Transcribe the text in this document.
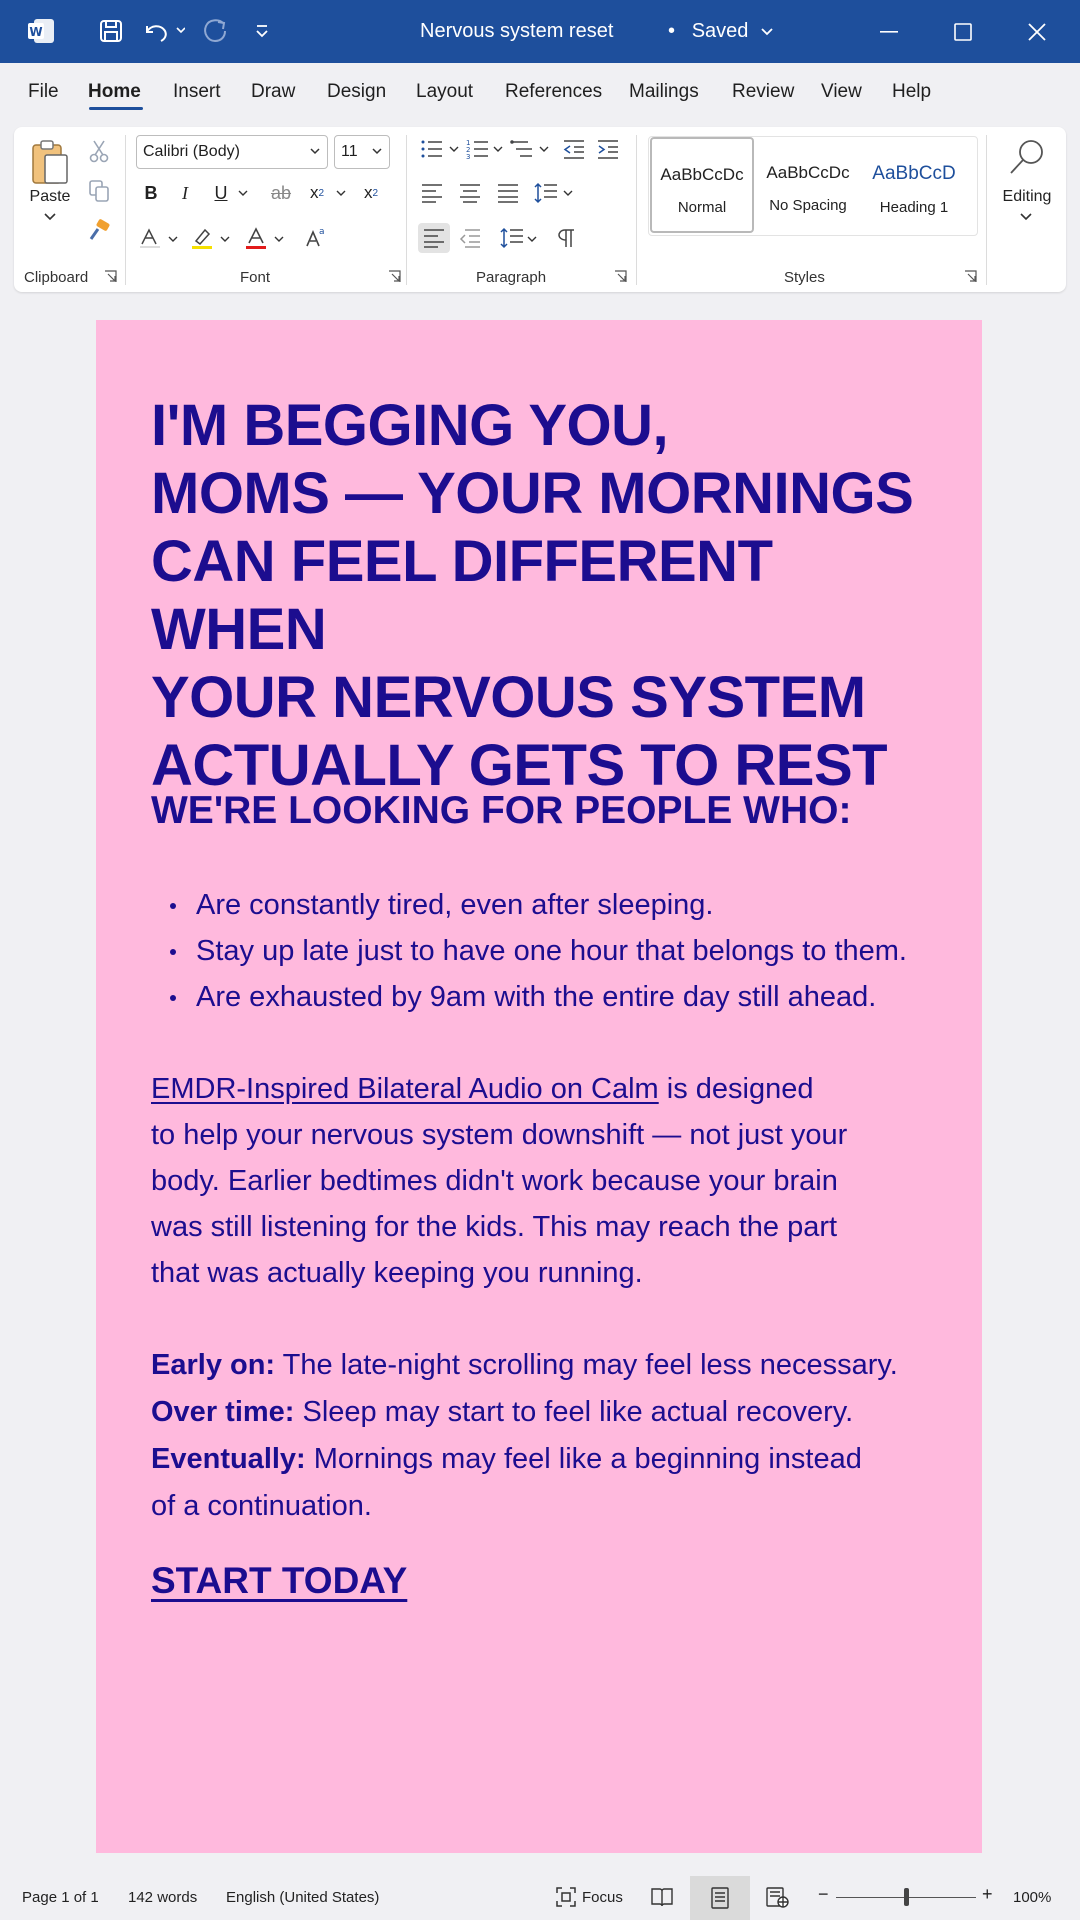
W	Nervous system reset	• Saved
File Home Insert Draw Design Layout References Mailings Review View Help
Paste
Clipboard
Calibri (Body)	11
B	I	U	ab x 2 x 2
a
Font
1
2
3
Paragraph
AaBbCcDc
Normal
AaBbCcDc
No Spacing
AaBbCcD
Heading 1
Styles
Editing
I'M BEGGING YOU,
MOMS — YOUR MORNINGS
CAN FEEL DIFFERENT WHEN
YOUR NERVOUS SYSTEM
ACTUALLY GETS TO REST
WE'RE LOOKING FOR PEOPLE WHO:
Are constantly tired, even after sleeping.
Stay up late just to have one hour that belongs to them.
Are exhausted by 9am with the entire day still ahead.
EMDR-Inspired Bilateral Audio on Calm is designed
to help your nervous system downshift — not just your
body. Earlier bedtimes didn't work because your brain
was still listening for the kids. This may reach the part
that was actually keeping you running.
Early on: The late-night scrolling may feel less necessary.
Over time: Sleep may start to feel like actual recovery.
Eventually: Mornings may feel like a beginning instead
of a continuation.
START TODAY
Page 1 of 1 142 words English (United States)	Focus	−	+ 100%
